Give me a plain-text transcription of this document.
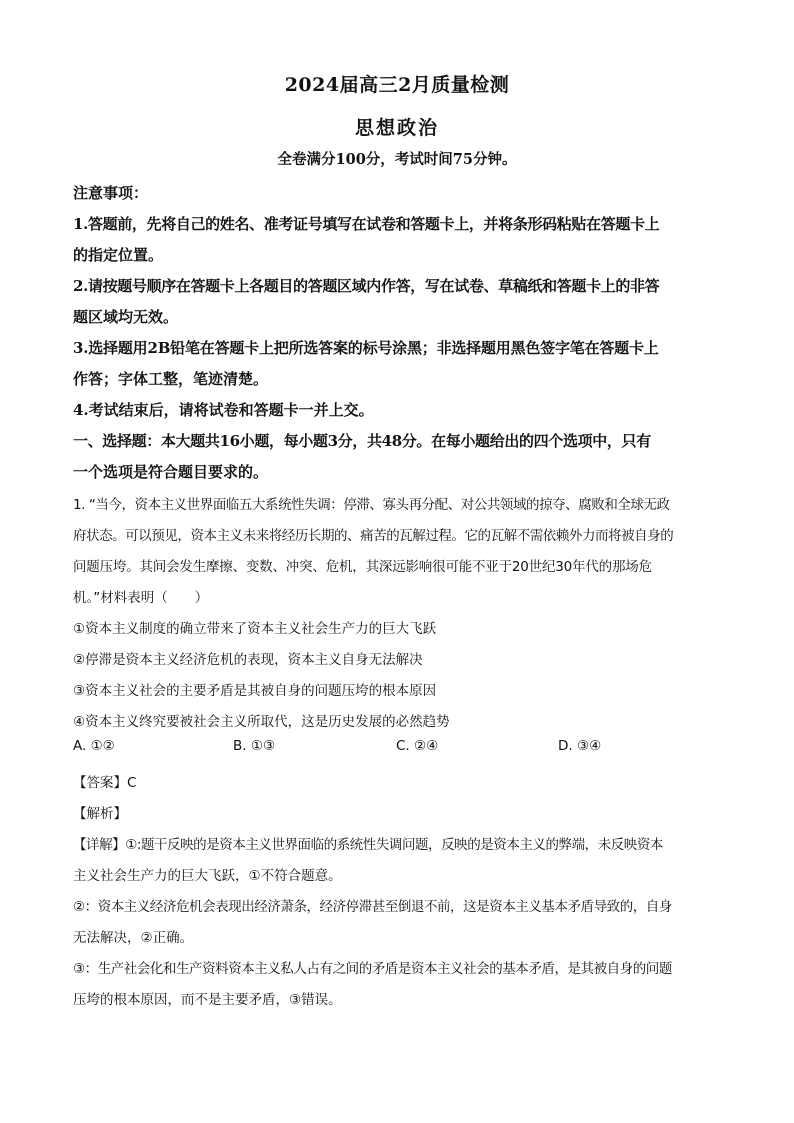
2024届高三2月质量检测
思想政治
全卷满分100分，考试时间75分钟。
注意事项：
1.答题前，先将自己的姓名、准考证号填写在试卷和答题卡上，并将条形码粘贴在答题卡上
的指定位置。
2.请按题号顺序在答题卡上各题目的答题区域内作答，写在试卷、草稿纸和答题卡上的非答
题区域均无效。
3.选择题用2B铅笔在答题卡上把所选答案的标号涂黑；非选择题用黑色签字笔在答题卡上
作答；字体工整，笔迹清楚。
4.考试结束后，请将试卷和答题卡一并上交。
一、选择题：本大题共16小题，每小题3分，共48分。在每小题给出的四个选项中，只有
一个选项是符合题目要求的。
1. “当今，资本主义世界面临五大系统性失调：停滞、寡头再分配、对公共领域的掠夺、腐败和全球无政
府状态。可以预见，资本主义未来将经历长期的、痛苦的瓦解过程。它的瓦解不需依赖外力而将被自身的
问题压垮。其间会发生摩擦、变数、冲突、危机，其深远影响很可能不亚于20世纪30年代的那场危
机。”材料表明（　　）
①资本主义制度的确立带来了资本主义社会生产力的巨大飞跃
②停滞是资本主义经济危机的表现，资本主义自身无法解决
③资本主义社会的主要矛盾是其被自身的问题压垮的根本原因
④资本主义终究要被社会主义所取代，这是历史发展的必然趋势
A. ①②	B. ①③	C. ②④	D. ③④
【答案】C
【解析】
【详解】①:题干反映的是资本主义世界面临的系统性失调问题，反映的是资本主义的弊端，未反映资本
主义社会生产力的巨大飞跃，①不符合题意。
②：资本主义经济危机会表现出经济萧条，经济停滞甚至倒退不前，这是资本主义基本矛盾导致的，自身
无法解决，②正确。
③：生产社会化和生产资料资本主义私人占有之间的矛盾是资本主义社会的基本矛盾，是其被自身的问题
压垮的根本原因，而不是主要矛盾，③错误。
